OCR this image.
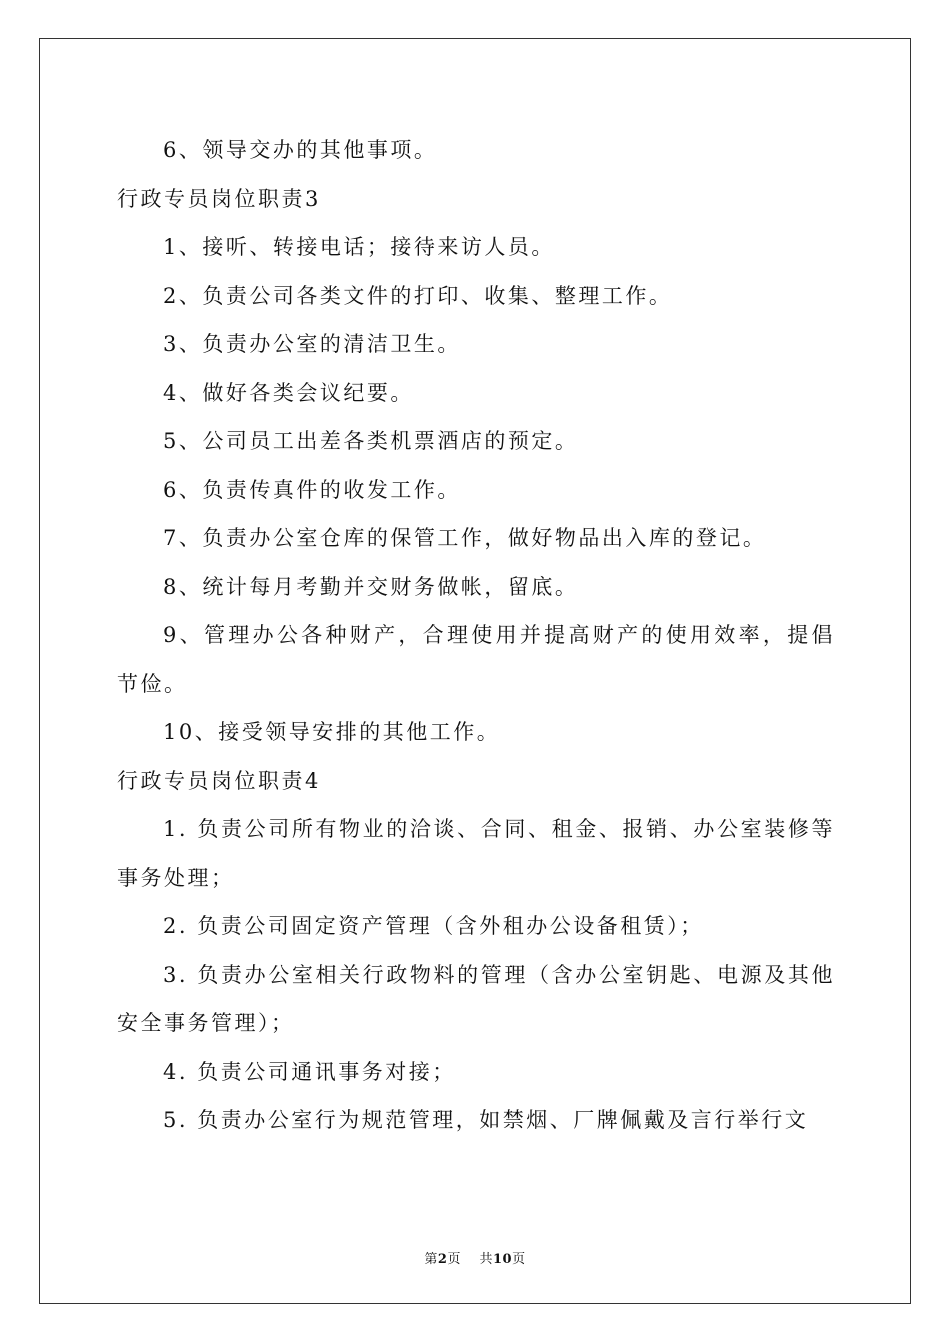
6、领导交办的其他事项。

行政专员岗位职责3

1、接听、转接电话；接待来访人员。

2、负责公司各类文件的打印、收集、整理工作。

3、负责办公室的清洁卫生。

4、做好各类会议纪要。

5、公司员工出差各类机票酒店的预定。

6、负责传真件的收发工作。

7、负责办公室仓库的保管工作，做好物品出入库的登记。

8、统计每月考勤并交财务做帐，留底。

9、管理办公各种财产，合理使用并提高财产的使用效率，提倡节俭。

10、接受领导安排的其他工作。

行政专员岗位职责4

1. 负责公司所有物业的洽谈、合同、租金、报销、办公室装修等事务处理；

2. 负责公司固定资产管理（含外租办公设备租赁）；

3. 负责办公室相关行政物料的管理（含办公室钥匙、电源及其他安全事务管理）；

4. 负责公司通讯事务对接；

5. 负责办公室行为规范管理，如禁烟、厂牌佩戴及言行举行文

第2页 共10页
